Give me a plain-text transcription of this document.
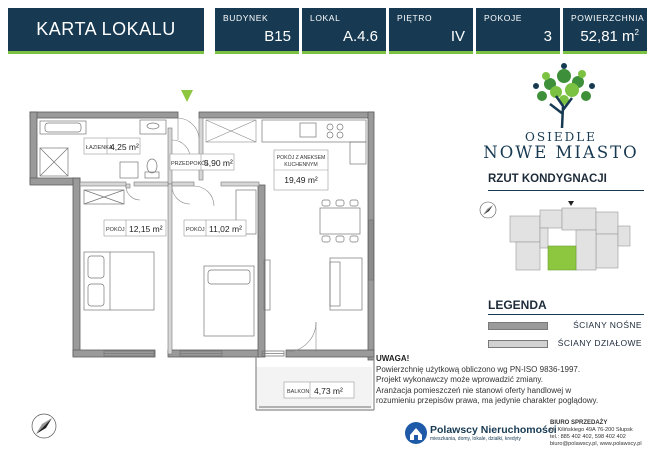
KARTA LOKALU
BUDYNEK
B15
LOKAL
A.4.6
PIĘTRO
IV
POKOJE
3
POWIERZCHNIA
52,81 $m^2$
ŁAZIENKA
4,25 m²
PRZEDPOKÓJ
5,90 m²	POKÓJ Z ANEKSEM
KUCHENNYM
19,49 m²
POKÓJ 12,15 m²	POKÓJ 11,02 m²
BALKON 4,73 m²
OSIEDLE
NOWE MIASTO
RZUT KONDYGNACJI
LEGENDA
ŚCIANY NOŚNE
ŚCIANY DZIAŁOWE
UWAGA!
Powierzchnię użytkową obliczono wg PN-ISO 9836-1997.
Projekt wykonawczy może wprowadzić zmiany.
Aranżacja pomieszczeń nie stanowi oferty handlowej w
rozumieniu przepisów prawa, ma jedynie charakter poglądowy.
Polawscy Nieruchomości
mieszkania, domy, lokale, działki, kredyty
BIURO SPRZEDAŻY
ul. Kilińskiego 49A 76-200 Słupsk
tel.: 885 402 402, 598 402 402
biuro@polawscy.pl, www.polawscy.pl
